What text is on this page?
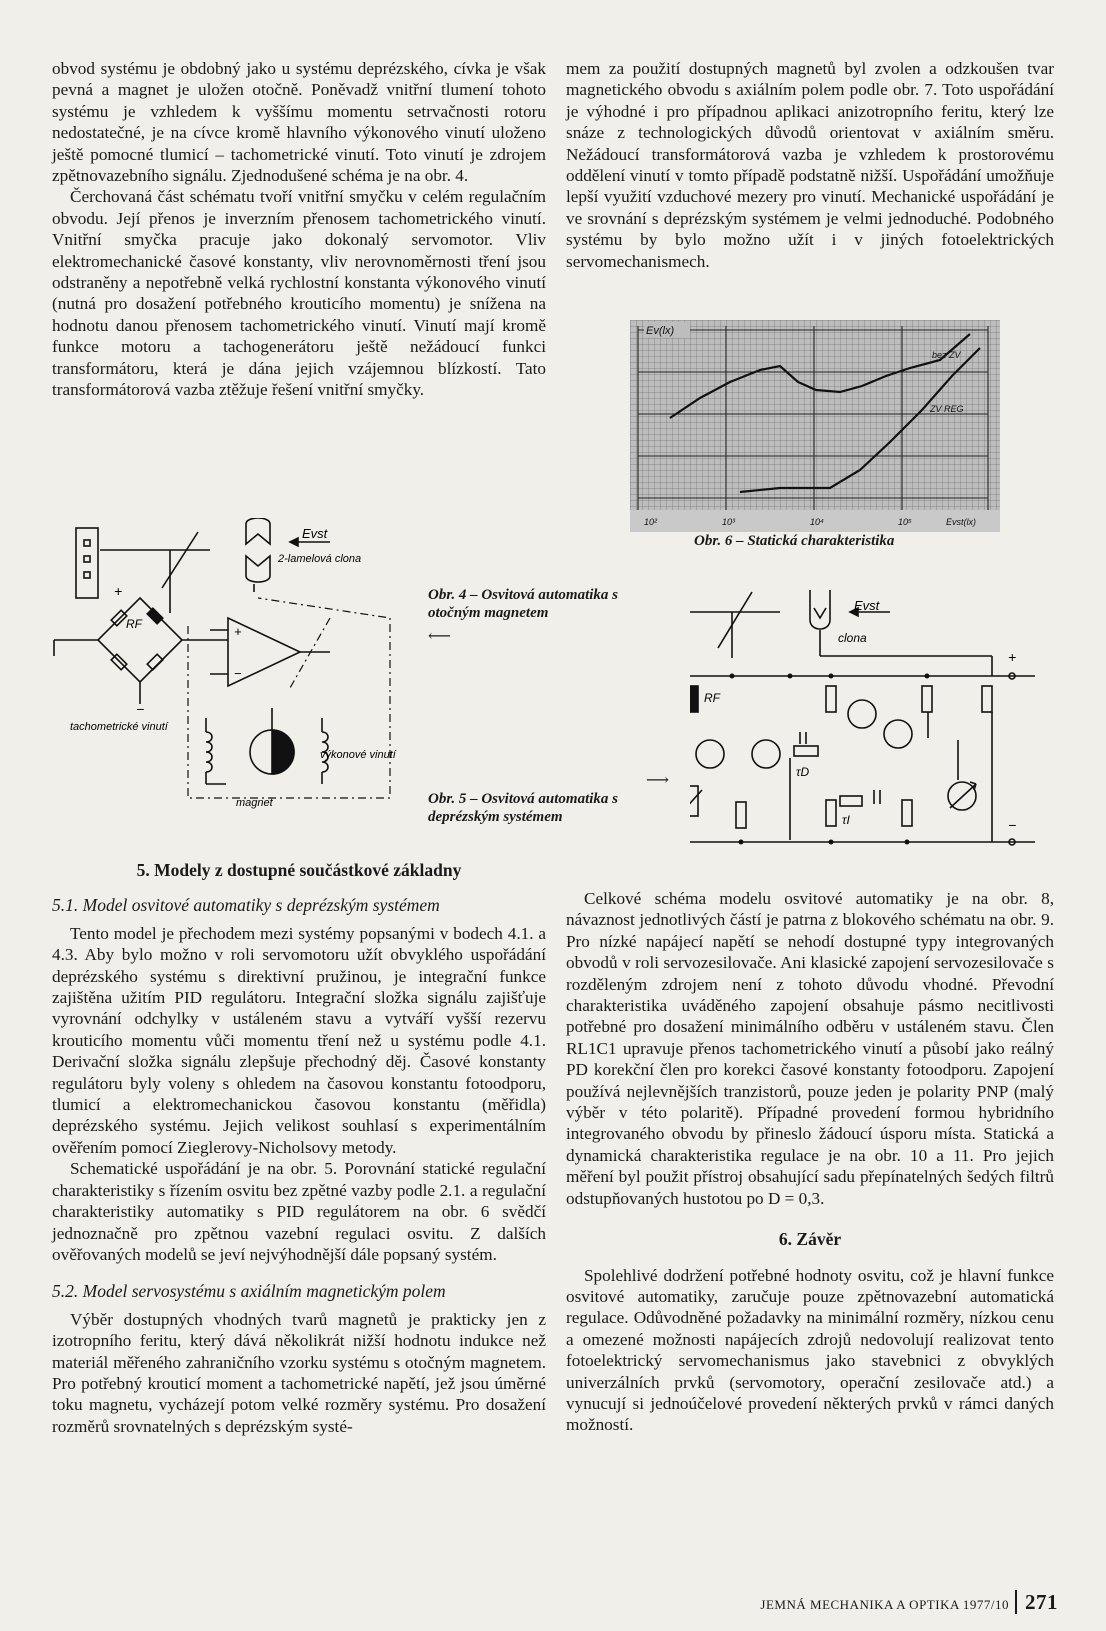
obvod systému je obdobný jako u systému deprézského, cívka je však pevná a magnet je uložen otočně. Poněvadž vnitřní tlumení tohoto systému je vzhledem k vyššímu momentu setrvačnosti rotoru nedostatečné, je na cívce kromě hlavního výkonového vinutí uloženo ještě pomocné tlumicí – tachometrické vinutí. Toto vinutí je zdrojem zpětnovazebního signálu. Zjednodušené schéma je na obr. 4.

Čerchovaná část schématu tvoří vnitřní smyčku v celém regulačním obvodu. Její přenos je inverzním přenosem tachometrického vinutí. Vnitřní smyčka pracuje jako dokonalý servomotor. Vliv elektromechanické časové konstanty, vliv nerovnoměrnosti tření jsou odstraněny a nepotřebně velká rychlostní konstanta výkonového vinutí (nutná pro dosažení potřebného krouticího momentu) je snížena na hodnotu danou přenosem tachometrického vinutí. Vinutí mají kromě funkce motoru a tachogenerátoru ještě nežádoucí funkci transformátoru, která je dána jejich vzájemnou blízkostí. Tato transformátorová vazba ztěžuje řešení vnitřní smyčky.

mem za použití dostupných magnetů byl zvolen a odzkoušen tvar magnetického obvodu s axiálním polem podle obr. 7. Toto uspořádání je výhodné i pro případnou aplikaci anizotropního feritu, který lze snáze z technologických důvodů orientovat v axiálním směru. Nežádoucí transformátorová vazba je vzhledem k prostorovému oddělení vinutí v tomto případě podstatně nižší. Uspořádání umožňuje lepší využití vzduchové mezery pro vinutí. Mechanické uspořádání je ve srovnání s deprézským systémem je velmi jednoduché. Podobného systému by bylo možno užít i v jiných fotoelektrických servomechanismech.

Ev(lx)
bez ZV
ZV REG
10²	10³	10⁴	10⁵	Evst(lx)
Obr. 6 – Statická charakteristika
Evst
2-lamelová clona
RF
+
−
+
−
tachometrické vinutí
výkonové vinutí
magnet
Obr. 4 – Osvitová automatika s otočným magnetem
⟵
⟶
Obr. 5 – Osvitová automatika s deprézským systémem
Evst
clona
RF
+
−
τD
τI

5. Modely z dostupné součástkové základny

5.1. Model osvitové automatiky s deprézským systémem

Tento model je přechodem mezi systémy popsanými v bodech 4.1. a 4.3. Aby bylo možno v roli servomotoru užít obvyklého uspořádání deprézského systému s direktivní pružinou, je integrační funkce zajištěna užitím PID regulátoru. Integrační složka signálu zajišťuje vyrovnání odchylky v ustáleném stavu a vytváří vyšší rezervu krouticího momentu vůči momentu tření než u systému podle 4.1. Derivační složka signálu zlepšuje přechodný děj. Časové konstanty regulátoru byly voleny s ohledem na časovou konstantu fotoodporu, tlumicí a elektromechanickou časovou konstantu (měřidla) deprézského systému. Jejich velikost souhlasí s experimentálním ověřením pomocí Zieglerovy-Nicholsovy metody.

Schematické uspořádání je na obr. 5. Porovnání statické regulační charakteristiky s řízením osvitu bez zpětné vazby podle 2.1. a regulační charakteristiky automatiky s PID regulátorem na obr. 6 svědčí jednoznačně pro zpětnou vazební regulaci osvitu. Z dalších ověřovaných modelů se jeví nejvýhodnější dále popsaný systém.

5.2. Model servosystému s axiálním magnetickým polem

Výběr dostupných vhodných tvarů magnetů je prakticky jen z izotropního feritu, který dává několikrát nižší hodnotu indukce než materiál měřeného zahraničního vzorku systému s otočným magnetem. Pro potřebný krouticí moment a tachometrické napětí, jež jsou úměrné toku magnetu, vycházejí potom velké rozměry systému. Pro dosažení rozměrů srovnatelných s deprézským systé-

Celkové schéma modelu osvitové automatiky je na obr. 8, návaznost jednotlivých částí je patrna z blokového schématu na obr. 9. Pro nízké napájecí napětí se nehodí dostupné typy integrovaných obvodů v roli servozesilovače. Ani klasické zapojení servozesilovače s rozděleným zdrojem není z tohoto důvodu vhodné. Převodní charakteristika uváděného zapojení obsahuje pásmo necitlivosti potřebné pro dosažení minimálního odběru v ustáleném stavu. Člen RL1C1 upravuje přenos tachometrického vinutí a působí jako reálný PD korekční člen pro korekci časové konstanty fotoodporu. Zapojení používá nejlevnějších tranzistorů, pouze jeden je polarity PNP (malý výběr v této polaritě). Případné provedení formou hybridního integrovaného obvodu by přineslo žádoucí úsporu místa. Statická a dynamická charakteristika regulace je na obr. 10 a 11. Pro jejich měření byl použit přístroj obsahující sadu přepínatelných šedých filtrů odstupňovaných hustotou po D = 0,3.

6. Závěr

Spolehlivé dodržení potřebné hodnoty osvitu, což je hlavní funkce osvitové automatiky, zaručuje pouze zpětnovazební automatická regulace. Odůvodněné požadavky na minimální rozměry, nízkou cenu a omezené možnosti napájecích zdrojů nedovolují realizovat tento fotoelektrický servomechanismus jako stavebnici z obvyklých univerzálních prvků (servomotory, operační zesilovače atd.) a vynucují si jednoúčelové provedení některých prvků v rámci daných možností.

JEMNÁ MECHANIKA A OPTIKA 1977/10 271
